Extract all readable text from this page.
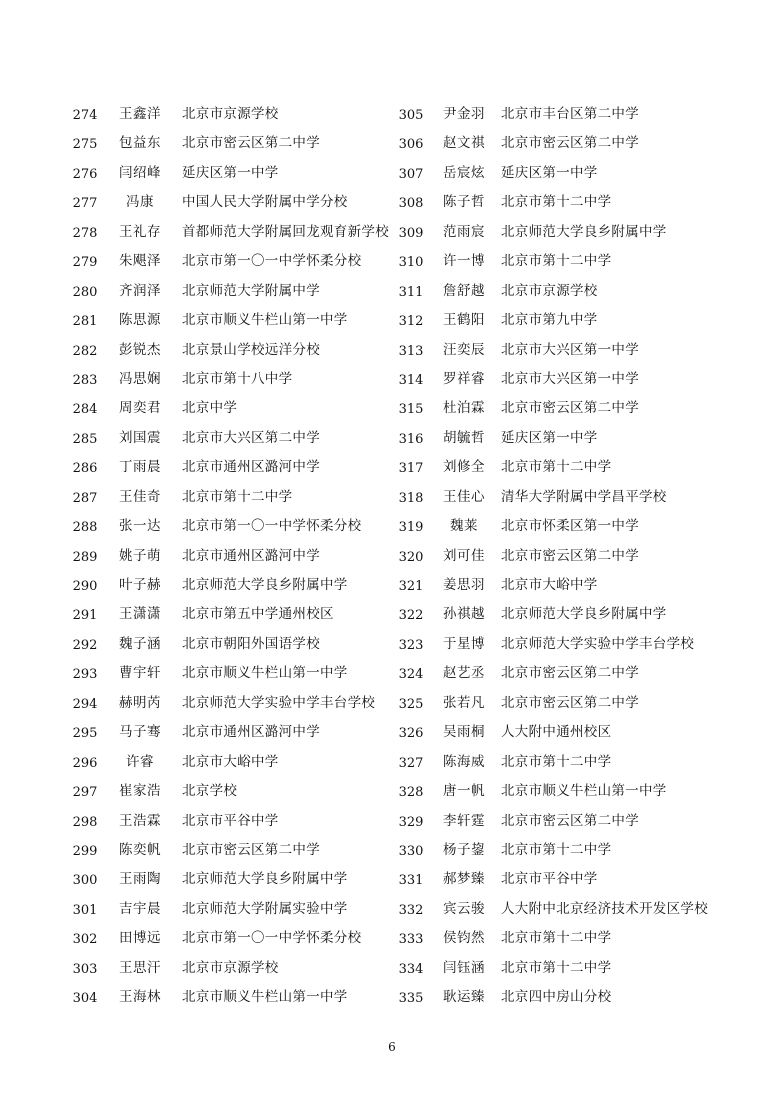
274	王鑫洋	北京市京源学校
275	包益东	北京市密云区第二中学
276	闫绍峰	延庆区第一中学
277	冯康	中国人民大学附属中学分校
278	王礼存	首都师范大学附属回龙观育新学校
279	朱飓泽	北京市第一〇一中学怀柔分校
280	齐润泽	北京师范大学附属中学
281	陈思源	北京市顺义牛栏山第一中学
282	彭锐杰	北京景山学校远洋分校
283	冯思娴	北京市第十八中学
284	周奕君	北京中学
285	刘国震	北京市大兴区第二中学
286	丁雨晨	北京市通州区潞河中学
287	王佳奇	北京市第十二中学
288	张一达	北京市第一〇一中学怀柔分校
289	姚子萌	北京市通州区潞河中学
290	叶子赫	北京师范大学良乡附属中学
291	王潇潇	北京市第五中学通州校区
292	魏子涵	北京市朝阳外国语学校
293	曹宇轩	北京市顺义牛栏山第一中学
294	赫明芮	北京师范大学实验中学丰台学校
295	马子骞	北京市通州区潞河中学
296	许睿	北京市大峪中学
297	崔家浩	北京学校
298	王浩霖	北京市平谷中学
299	陈奕帆	北京市密云区第二中学
300	王雨陶	北京师范大学良乡附属中学
301	吉宇晨	北京师范大学附属实验中学
302	田博远	北京市第一〇一中学怀柔分校
303	王思汗	北京市京源学校
304	王海林	北京市顺义牛栏山第一中学
305	尹金羽	北京市丰台区第二中学
306	赵文祺	北京市密云区第二中学
307	岳宸炫	延庆区第一中学
308	陈子哲	北京市第十二中学
309	范雨宸	北京师范大学良乡附属中学
310	许一博	北京市第十二中学
311	詹舒越	北京市京源学校
312	王鹤阳	北京市第九中学
313	汪奕辰	北京市大兴区第一中学
314	罗祥睿	北京市大兴区第一中学
315	杜泊霖	北京市密云区第二中学
316	胡毓哲	延庆区第一中学
317	刘修全	北京市第十二中学
318	王佳心	清华大学附属中学昌平学校
319	魏莱	北京市怀柔区第一中学
320	刘可佳	北京市密云区第二中学
321	姜思羽	北京市大峪中学
322	孙祺越	北京师范大学良乡附属中学
323	于星博	北京师范大学实验中学丰台学校
324	赵艺丞	北京市密云区第二中学
325	张若凡	北京市密云区第二中学
326	吴雨桐	人大附中通州校区
327	陈海威	北京市第十二中学
328	唐一帆	北京市顺义牛栏山第一中学
329	李轩霆	北京市密云区第二中学
330	杨子鋆	北京市第十二中学
331	郝梦臻	北京市平谷中学
332	宾云骏	人大附中北京经济技术开发区学校
333	侯钧然	北京市第十二中学
334	闫钰涵	北京市第十二中学
335	耿运臻	北京四中房山分校
6
